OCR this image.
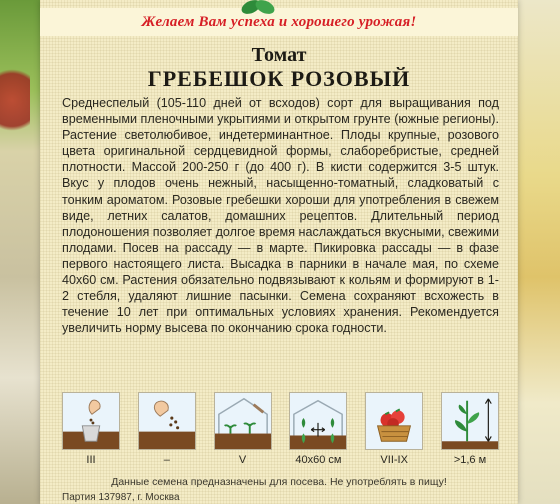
Желаем Вам успеха и хорошего урожая!
Томат
ГРЕБЕШОК РОЗОВЫЙ

Среднеспелый (105-110 дней от всходов) сорт для выращивания под временными пленочными укрытиями и открытом грунте (южные регионы). Растение светолюбивое, индетерминантное. Плоды крупные, розового цвета оригинальной сердцевидной формы, слаборебристые, средней плотности. Массой 200-250 г (до 400 г). В кисти содержится 3-5 штук. Вкус у плодов очень нежный, насыщенно-томатный, сладковатый с тонким ароматом. Розовые гребешки хороши для употребления в свежем виде, летних салатов, домашних рецептов. Длительный период плодоношения позволяет долгое время наслаждаться вкусными, свежими плодами. Посев на рассаду — в марте. Пикировка рассады — в фазе первого настоящего листа. Высадка в парники в начале мая, по схеме 40х60 см. Растения обязательно подвязывают к кольям и формируют в 1-2 стебля, удаляют лишние пасынки. Семена сохраняют всхожесть в течение 10 лет при оптимальных условиях хранения. Рекомендуется увеличить норму высева по окончанию срока годности.

III	–	V	40х60 см	VII-IX	>1,6 м
Данные семена предназначены для посева. Не употреблять в пищу!
Партия 137987, г. Москва
